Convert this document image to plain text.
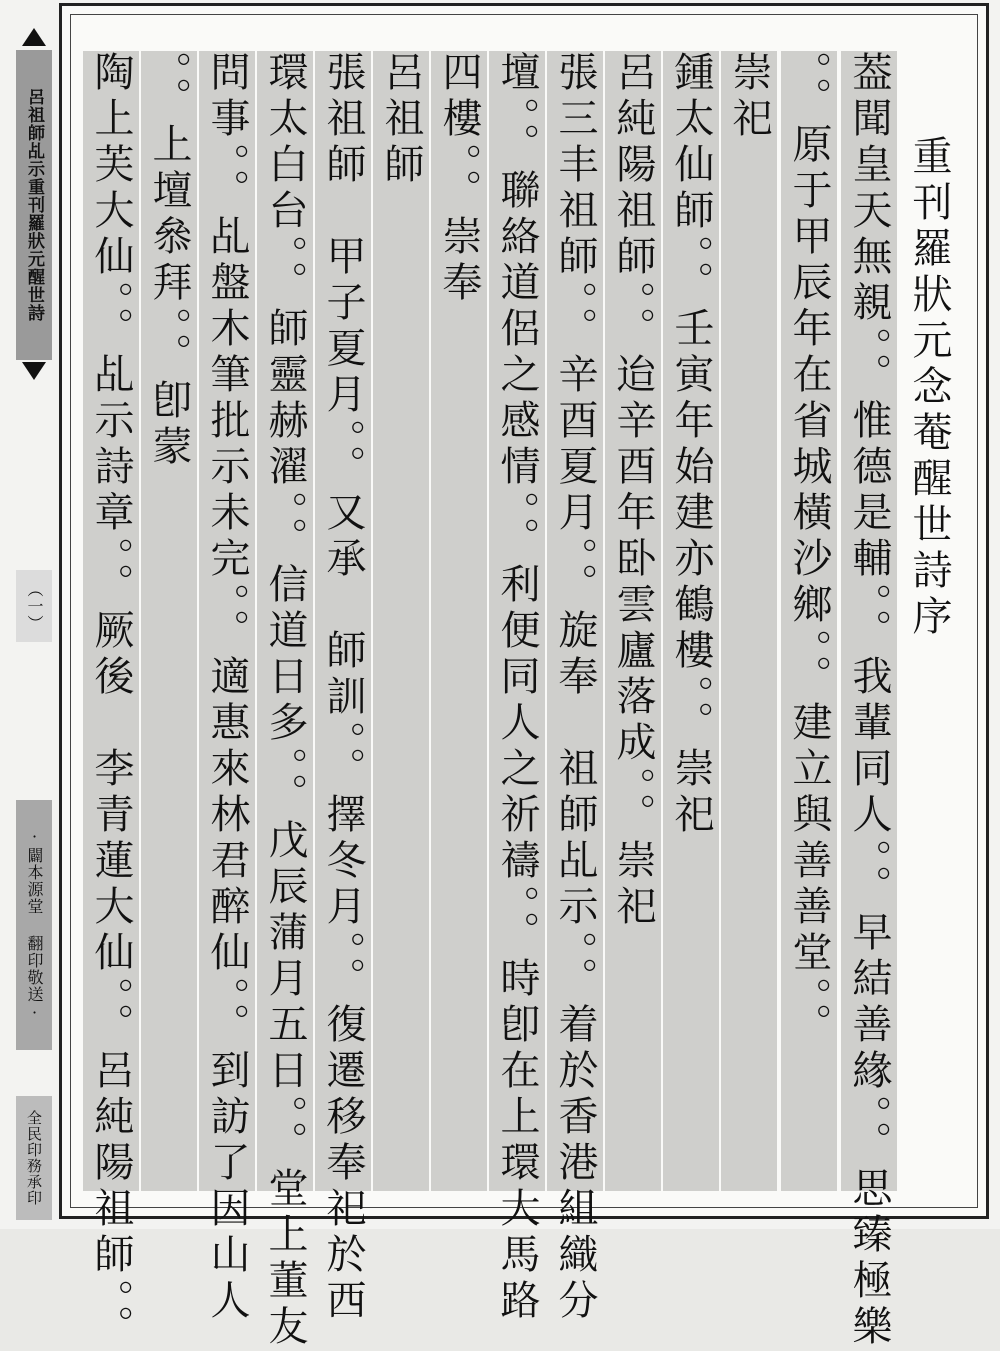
呂祖師乩示重刊羅狀元醒世詩
（一）
·闢本源堂 翻印敬送·
全民印務承印
重刊羅狀元念菴醒世詩序
葢聞皇天無親。。惟德是輔。。我輩同人。。早結善緣。。思臻極樂
。。原于甲辰年在省城橫沙鄉。。建立與善善堂。。
崇祀
鍾太仙師。。壬寅年始建亦鶴樓。。崇祀
呂純陽祖師。。迨辛酉年卧雲廬落成。。崇祀
張三丰祖師。。辛酉夏月。。旋奉　祖師乩示。。着於香港組織分
壇。。聯絡道侶之感情。。利便同人之祈禱。。時卽在上環大馬路
四樓。。崇奉
呂祖師
張祖師　甲子夏月。。又承　師訓。。擇冬月。。復遷移奉祀於西
環太白台。。師靈赫濯。。信道日多。。戊辰蒲月五日。。堂上董友
問事。。乩盤木筆批示未完。。適惠來林君醉仙。。到訪了因山人
。。上壇叅拜。。卽蒙
陶上芙大仙。。乩示詩章。。厥後　李青蓮大仙。。呂純陽祖師。。
